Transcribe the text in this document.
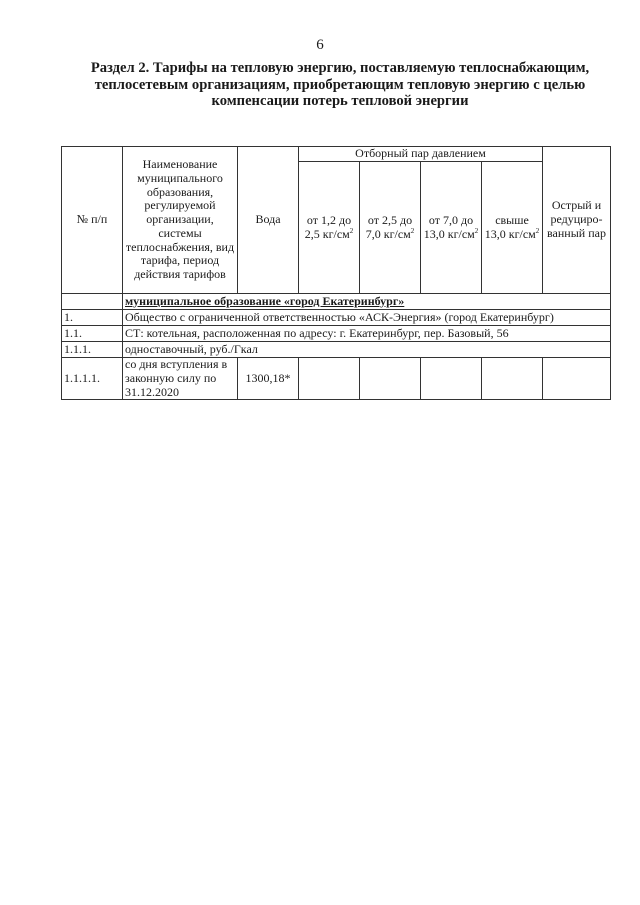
6
Раздел 2. Тарифы на тепловую энергию, поставляемую теплоснабжающим,
теплосетевым организациям, приобретающим тепловую энергию с целью
компенсации потерь тепловой энергии
№ п/п	Наименование муниципального образования, регулируемой организации, системы теплоснабжения, вид тарифа, период действия тарифов	Вода	Отборный пар давлением				Острый и редуциро-ванный пар
			от 1,2 до 2,5 $кг/см^2$	от 2,5 до 7,0 $кг/см^2$	от 7,0 до 13,0 $кг/см^2$	свыше 13,0 $кг/см^2$
	муниципальное образование «город Екатеринбург»						
1.	Общество с ограниченной ответственностью «АСК-Энергия» (город Екатеринбург)						
1.1.	СТ: котельная, расположенная по адресу: г. Екатеринбург, пер. Базовый, 56						
1.1.1.	одноставочный, руб./Гкал						
1.1.1.1.	со дня вступления в законную силу по 31.12.2020	1300,18*					
